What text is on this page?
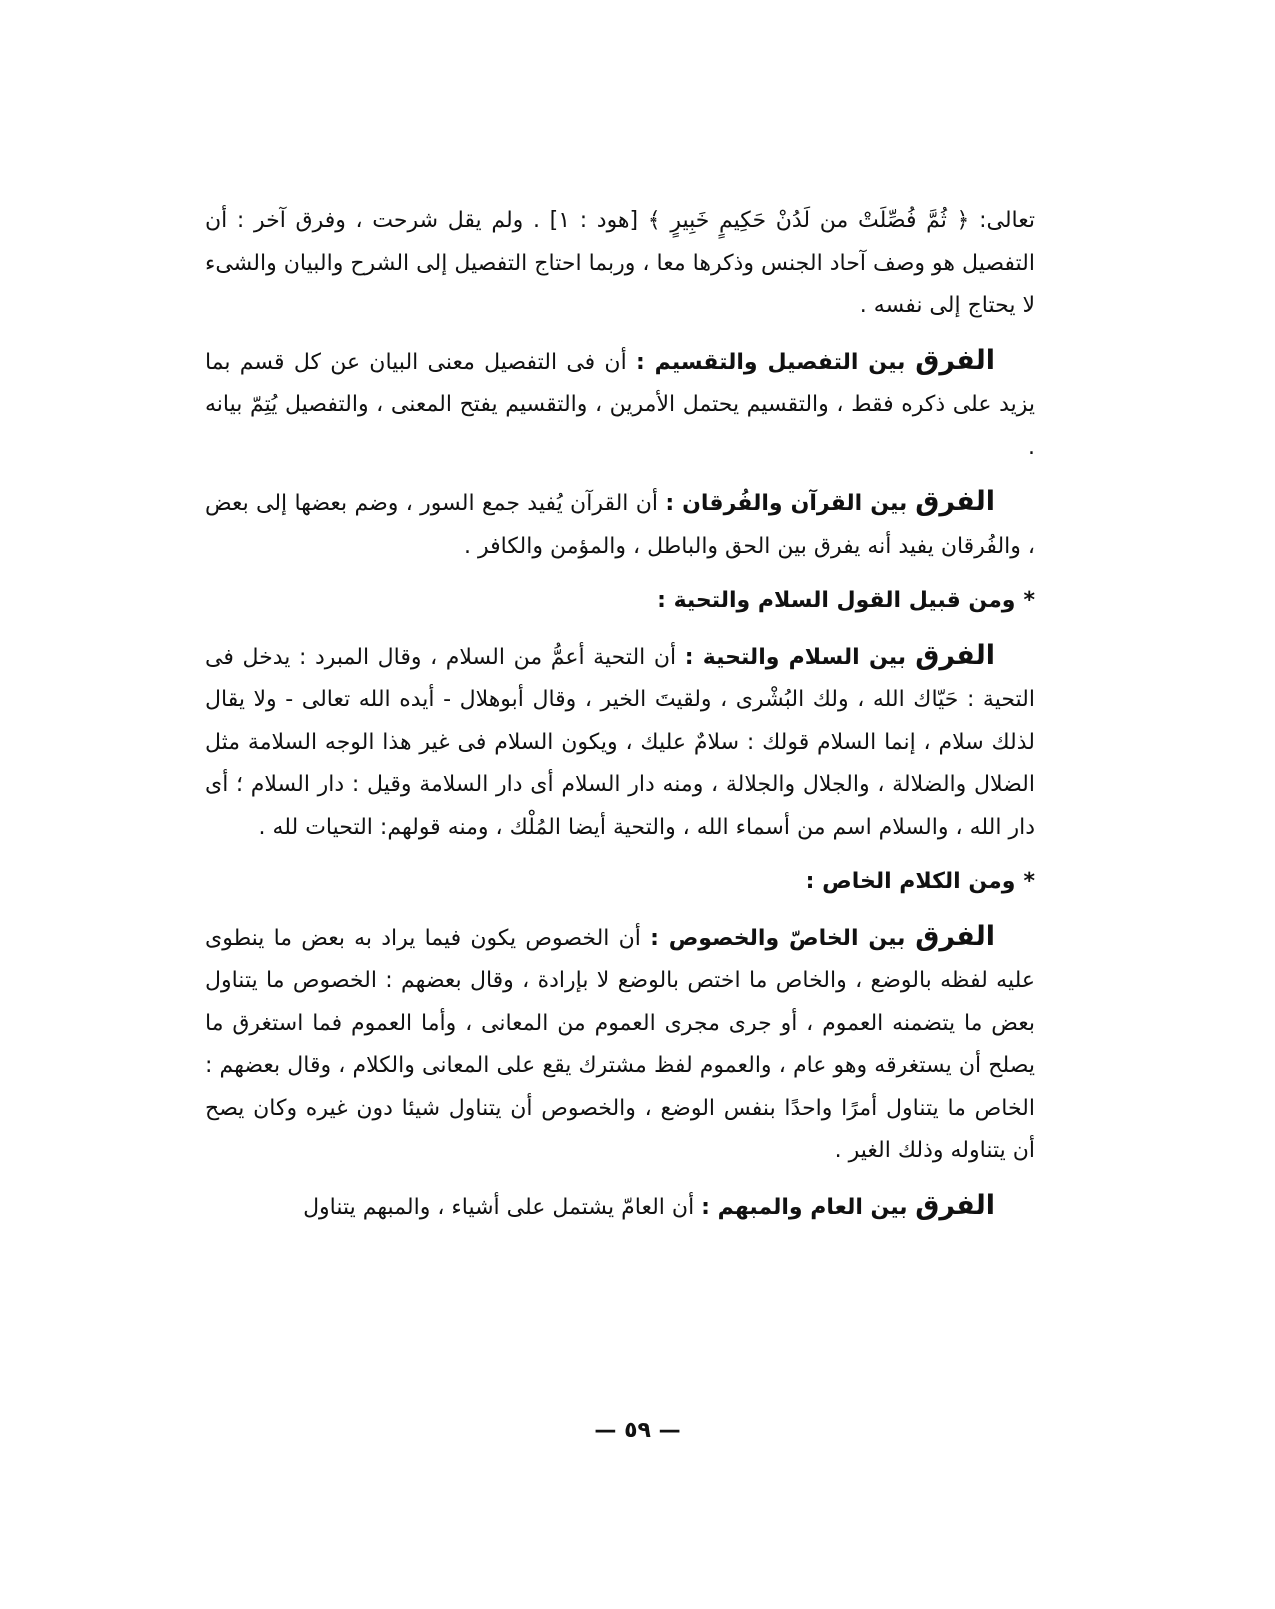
تعالى: ﴿ ثُمَّ فُصِّلَتْ من لَدُنْ حَكِيمٍ خَبِيرٍ ﴾ [هود : ١] . ولم يقل شرحت ، وفرق آخر : أن التفصيل هو وصف آحاد الجنس وذكرها معا ، وربما احتاج التفصيل إلى الشرح والبيان والشىء لا يحتاج إلى نفسه .

الفرق بين التفصيل والتقسيم : أن فى التفصيل معنى البيان عن كل قسم بما يزيد على ذكره فقط ، والتقسيم يحتمل الأمرين ، والتقسيم يفتح المعنى ، والتفصيل يُتِمّ بيانه .

الفرق بين القرآن والفُرقان : أن القرآن يُفيد جمع السور ، وضم بعضها إلى بعض ، والفُرقان يفيد أنه يفرق بين الحق والباطل ، والمؤمن والكافر .

*ومن قبيل القول السلام والتحية :

الفرق بين السلام والتحية : أن التحية أعمُّ من السلام ، وقال المبرد : يدخل فى التحية : حَيّاك الله ، ولك البُشْرى ، ولقيتَ الخير ، وقال أبوهلال - أيده الله تعالى - ولا يقال لذلك سلام ، إنما السلام قولك : سلامٌ عليك ، ويكون السلام فى غير هذا الوجه السلامة مثل الضلال والضلالة ، والجلال والجلالة ، ومنه دار السلام أى دار السلامة وقيل : دار السلام ؛ أى دار الله ، والسلام اسم من أسماء الله ، والتحية أيضا المُلْك ، ومنه قولهم: التحيات لله .

*ومن الكلام الخاص :

الفرق بين الخاصّ والخصوص : أن الخصوص يكون فيما يراد به بعض ما ينطوى عليه لفظه بالوضع ، والخاص ما اختص بالوضع لا بإرادة ، وقال بعضهم : الخصوص ما يتناول بعض ما يتضمنه العموم ، أو جرى مجرى العموم من المعانى ، وأما العموم فما استغرق ما يصلح أن يستغرقه وهو عام ، والعموم لفظ مشترك يقع على المعانى والكلام ، وقال بعضهم : الخاص ما يتناول أمرًا واحدًا بنفس الوضع ، والخصوص أن يتناول شيئا دون غيره وكان يصح أن يتناوله وذلك الغير .

الفرق بين العام والمبهم : أن العامّ يشتمل على أشياء ، والمبهم يتناول

— ٥٩ —
